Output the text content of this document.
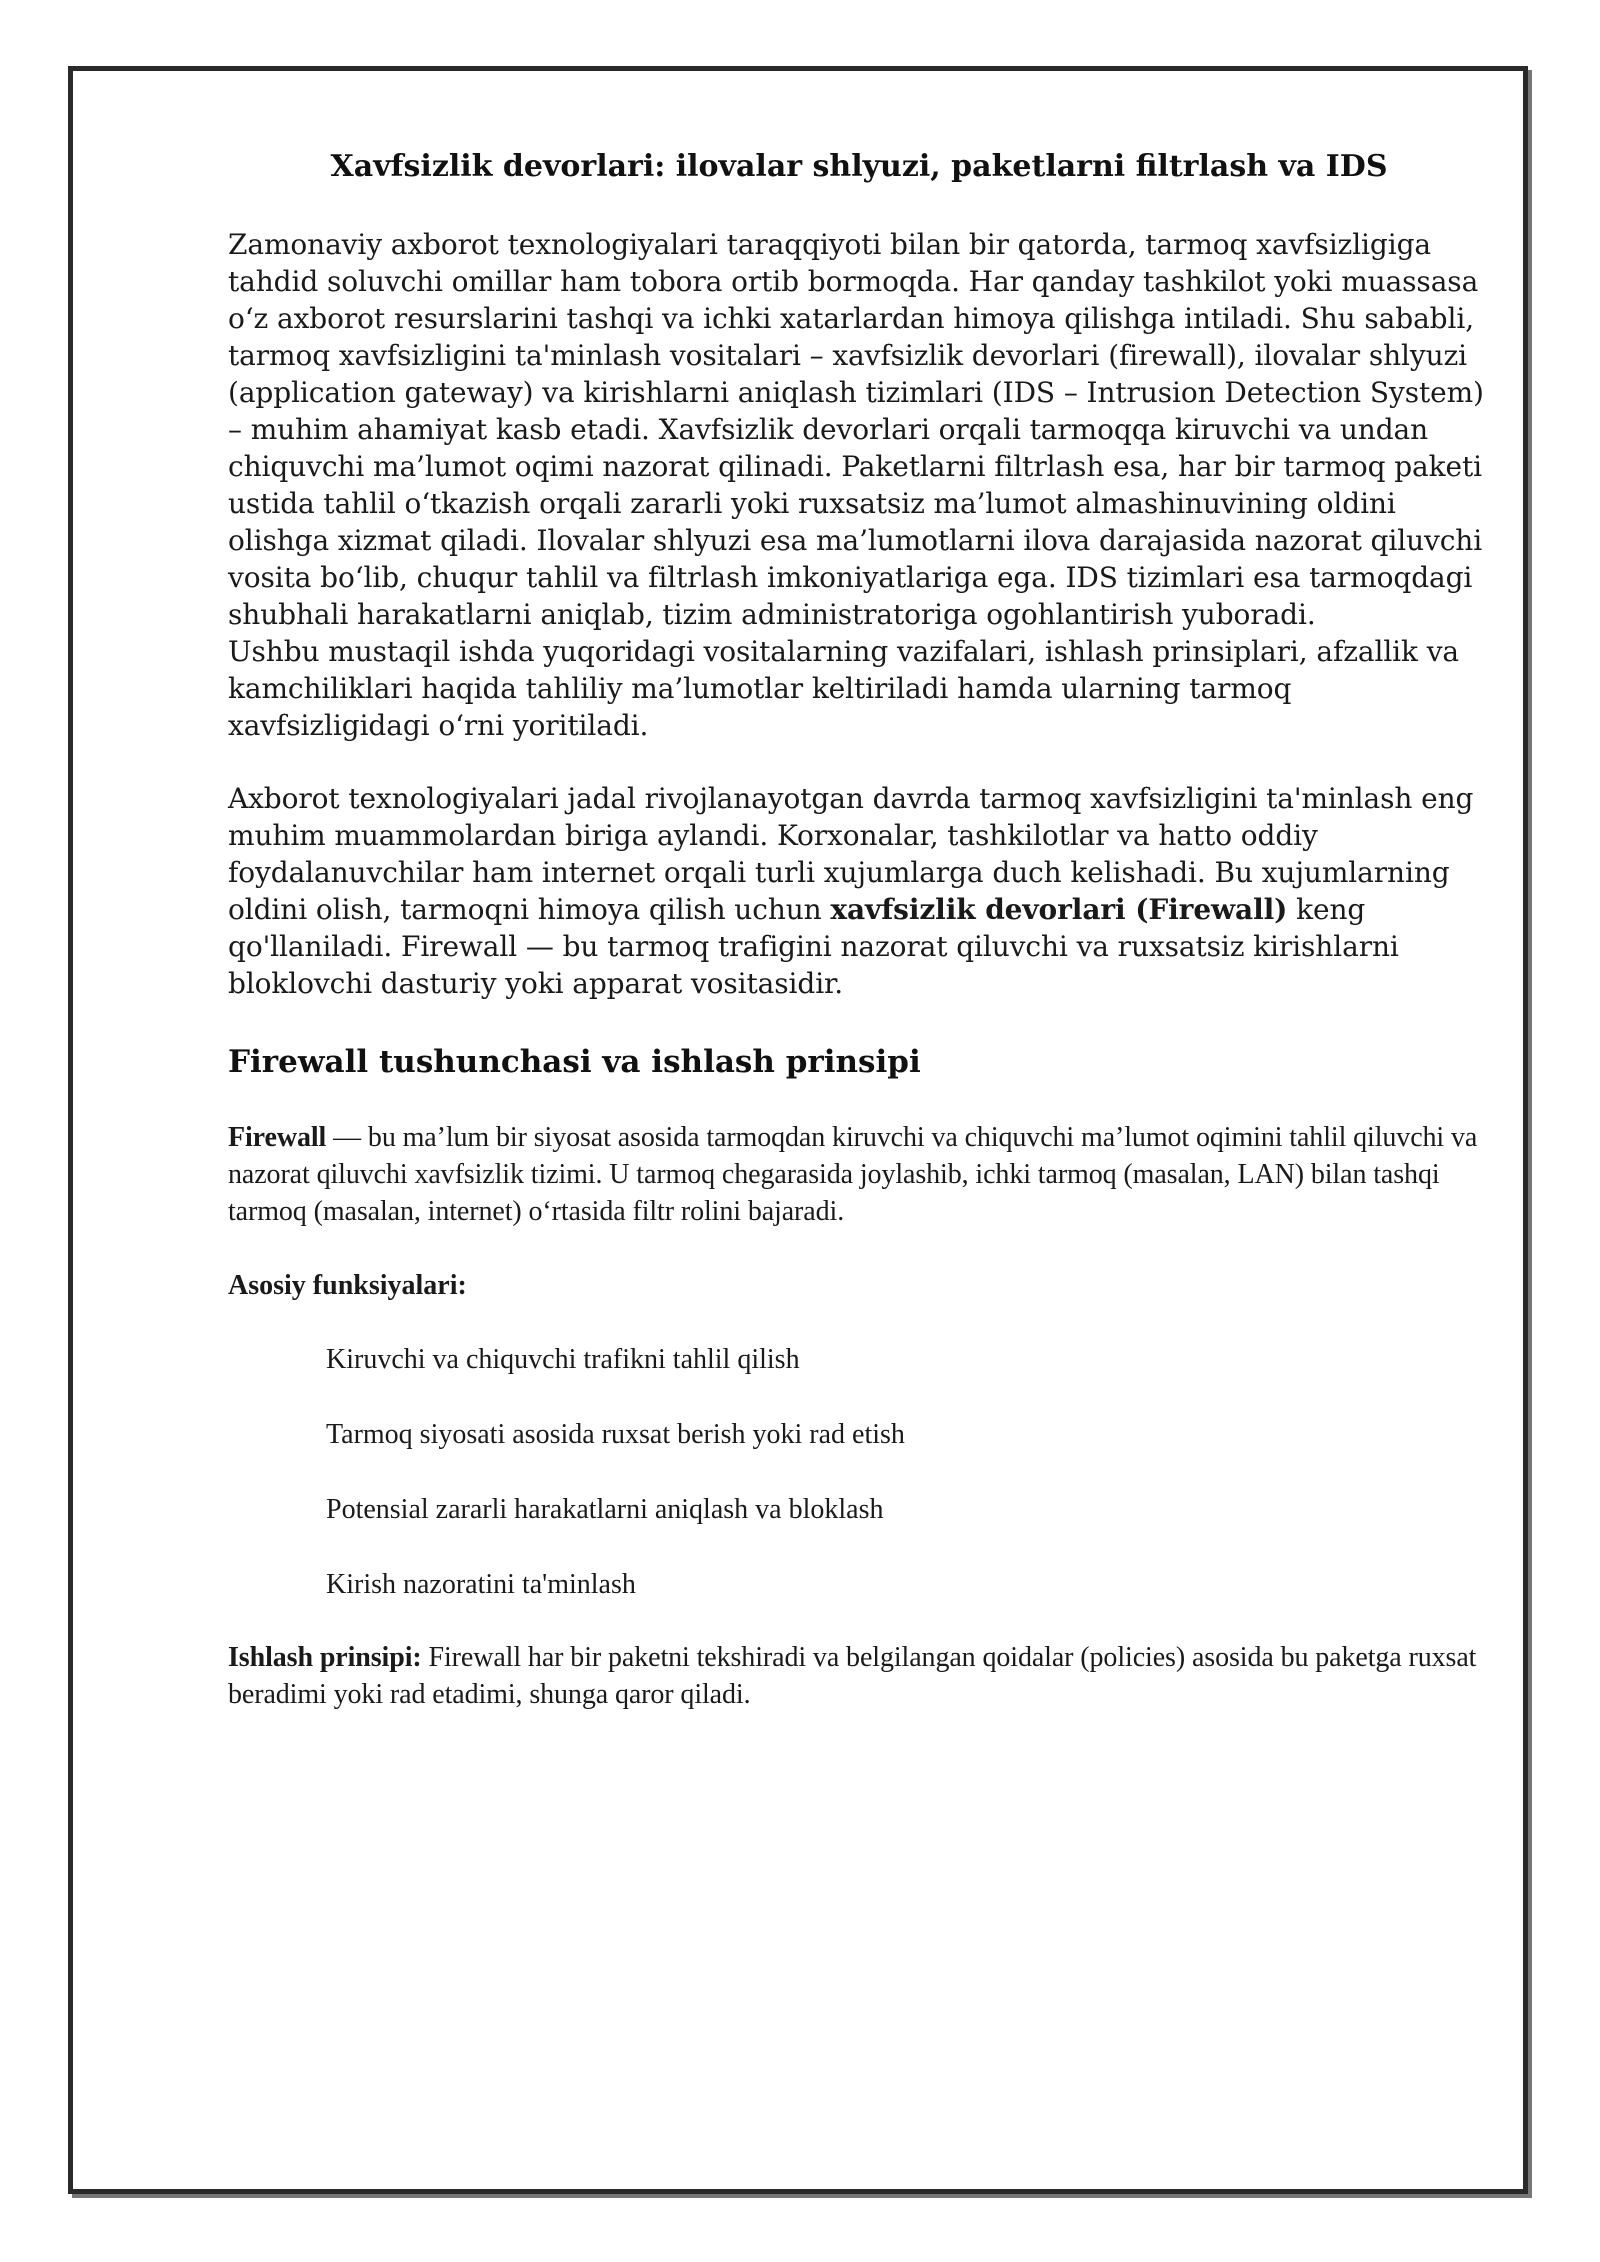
Xavfsizlik devorlari: ilovalar shlyuzi, paketlarni filtrlash va IDS

Zamonaviy axborot texnologiyalari taraqqiyoti bilan bir qatorda, tarmoq xavfsizligiga tahdid soluvchi omillar ham tobora ortib bormoqda. Har qanday tashkilot yoki muassasa o‘z axborot resurslarini tashqi va ichki xatarlardan himoya qilishga intiladi. Shu sababli, tarmoq xavfsizligini ta'minlash vositalari – xavfsizlik devorlari (firewall), ilovalar shlyuzi (application gateway) va kirishlarni aniqlash tizimlari (IDS – Intrusion Detection System) – muhim ahamiyat kasb etadi. Xavfsizlik devorlari orqali tarmoqqa kiruvchi va undan chiquvchi ma’lumot oqimi nazorat qilinadi. Paketlarni filtrlash esa, har bir tarmoq paketi ustida tahlil o‘tkazish orqali zararli yoki ruxsatsiz ma’lumot almashinuvining oldini olishga xizmat qiladi. Ilovalar shlyuzi esa ma’lumotlarni ilova darajasida nazorat qiluvchi vosita bo‘lib, chuqur tahlil va filtrlash imkoniyatlariga ega. IDS tizimlari esa tarmoqdagi shubhali harakatlarni aniqlab, tizim administratoriga ogohlantirish yuboradi.

Ushbu mustaqil ishda yuqoridagi vositalarning vazifalari, ishlash prinsiplari, afzallik va kamchiliklari haqida tahliliy ma’lumotlar keltiriladi hamda ularning tarmoq xavfsizligidagi o‘rni yoritiladi.

Axborot texnologiyalari jadal rivojlanayotgan davrda tarmoq xavfsizligini ta'minlash eng muhim muammolardan biriga aylandi. Korxonalar, tashkilotlar va hatto oddiy foydalanuvchilar ham internet orqali turli xujumlarga duch kelishadi. Bu xujumlarning oldini olish, tarmoqni himoya qilish uchun xavfsizlik devorlari (Firewall) keng qo'llaniladi. Firewall — bu tarmoq trafigini nazorat qiluvchi va ruxsatsiz kirishlarni bloklovchi dasturiy yoki apparat vositasidir.

Firewall tushunchasi va ishlash prinsipi

Firewall — bu ma’lum bir siyosat asosida tarmoqdan kiruvchi va chiquvchi ma’lumot oqimini tahlil qiluvchi va nazorat qiluvchi xavfsizlik tizimi. U tarmoq chegarasida joylashib, ichki tarmoq (masalan, LAN) bilan tashqi tarmoq (masalan, internet) o‘rtasida filtr rolini bajaradi.

Asosiy funksiyalari:

Kiruvchi va chiquvchi trafikni tahlil qilish
Tarmoq siyosati asosida ruxsat berish yoki rad etish
Potensial zararli harakatlarni aniqlash va bloklash
Kirish nazoratini ta'minlash

Ishlash prinsipi: Firewall har bir paketni tekshiradi va belgilangan qoidalar (policies) asosida bu paketga ruxsat beradimi yoki rad etadimi, shunga qaror qiladi.
